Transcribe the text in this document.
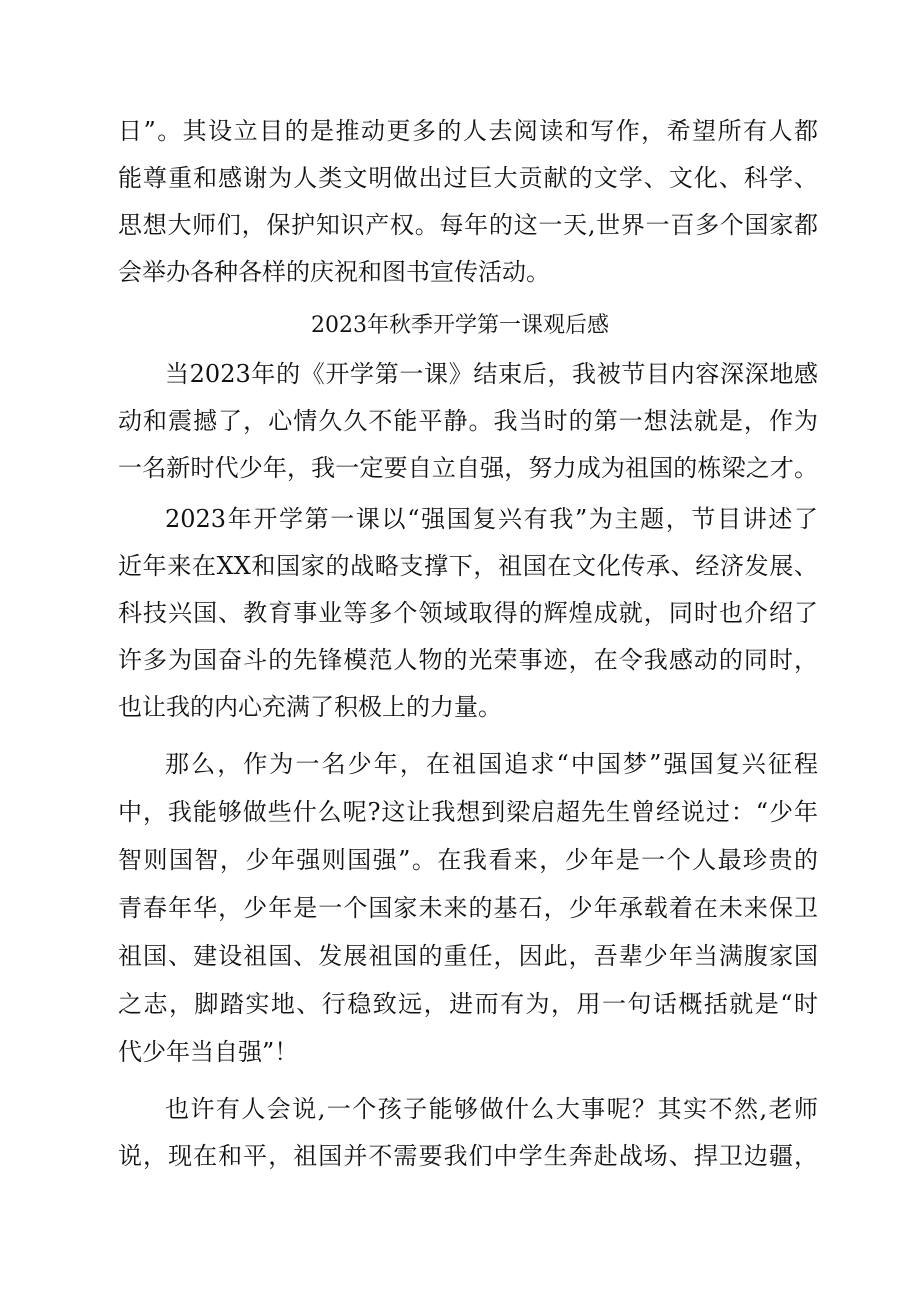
日”。其设立目的是推动更多的人去阅读和写作，希望所有人都
能尊重和感谢为人类文明做出过巨大贡献的文学、文化、科学、
思想大师们，保护知识产权。每年的这一天,世界一百多个国家都
会举办各种各样的庆祝和图书宣传活动。
2023年秋季开学第一课观后感
当2023年的《开学第一课》结束后，我被节目内容深深地感
动和震撼了，心情久久不能平静。我当时的第一想法就是，作为
一名新时代少年，我一定要自立自强，努力成为祖国的栋梁之才。
2023年开学第一课以“强国复兴有我”为主题，节目讲述了
近年来在XX和国家的战略支撑下，祖国在文化传承、经济发展、
科技兴国、教育事业等多个领域取得的辉煌成就，同时也介绍了
许多为国奋斗的先锋模范人物的光荣事迹，在令我感动的同时，
也让我的内心充满了积极上的力量。
那么，作为一名少年，在祖国追求“中国梦”强国复兴征程
中，我能够做些什么呢?这让我想到梁启超先生曾经说过：“少年
智则国智，少年强则国强”。在我看来，少年是一个人最珍贵的
青春年华，少年是一个国家未来的基石，少年承载着在未来保卫
祖国、建设祖国、发展祖国的重任，因此，吾辈少年当满腹家国
之志，脚踏实地、行稳致远，进而有为，用一句话概括就是“时
代少年当自强”！
也许有人会说,一个孩子能够做什么大事呢？其实不然,老师
说，现在和平，祖国并不需要我们中学生奔赴战场、捍卫边疆，
